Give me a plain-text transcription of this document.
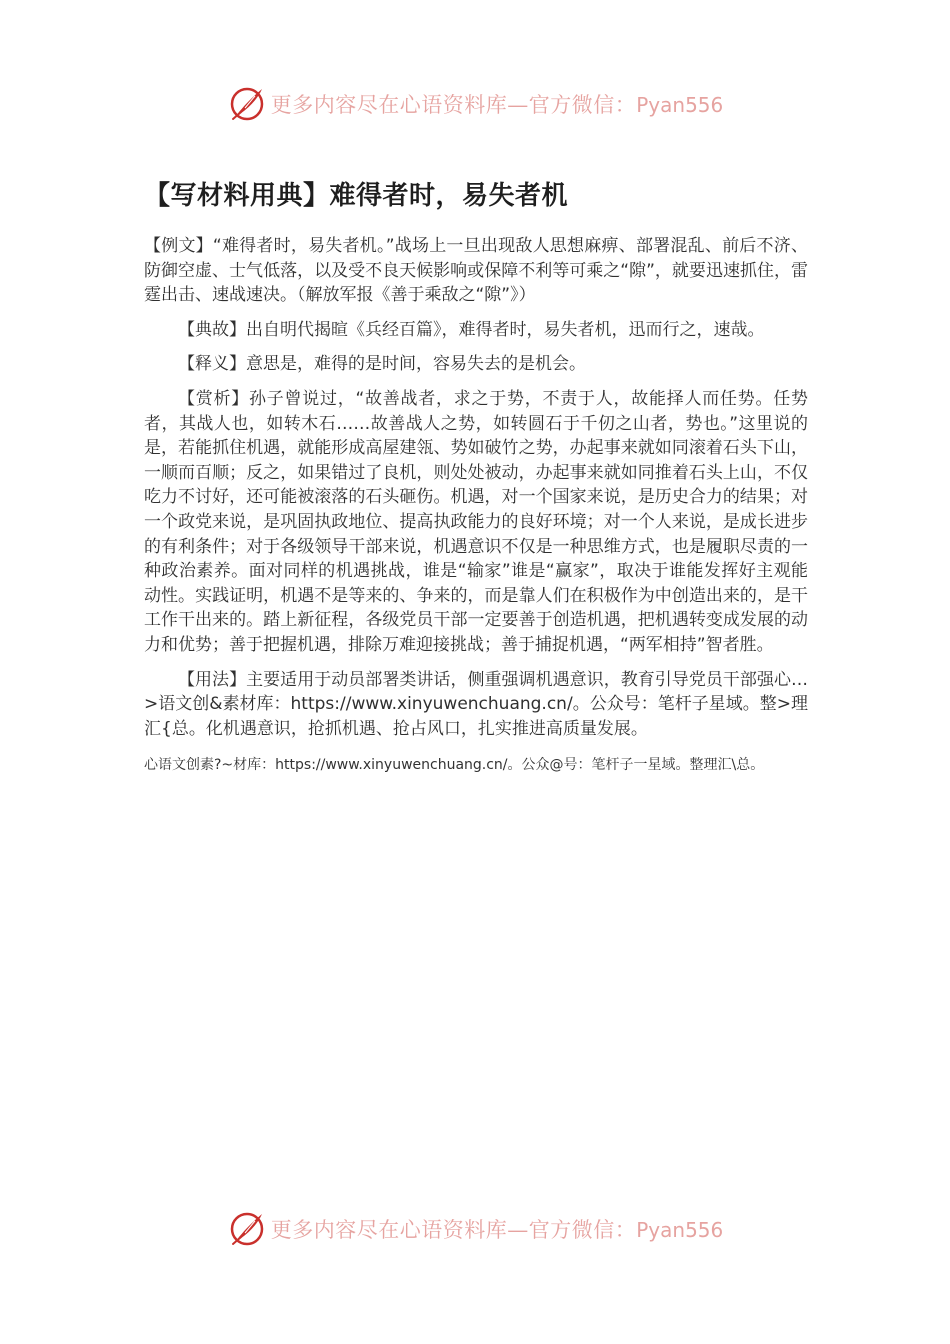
更多内容尽在心语资料库—官方微信：Pyan556
【写材料用典】难得者时，易失者机

【例文】“难得者时，易失者机。”战场上一旦出现敌人思想麻痹、部署混乱、前后不济、防御空虚、士气低落，以及受不良天候影响或保障不利等可乘之“隙”，就要迅速抓住，雷霆出击、速战速决。（解放军报《善于乘敌之“隙”》）

【典故】出自明代揭暄《兵经百篇》，难得者时，易失者机，迅而行之，速哉。

【释义】意思是，难得的是时间，容易失去的是机会。

【赏析】孙子曾说过，“故善战者，求之于势，不责于人，故能择人而任势。任势者，其战人也，如转木石……故善战人之势，如转圆石于千仞之山者，势也。”这里说的是，若能抓住机遇，就能形成高屋建瓴、势如破竹之势，办起事来就如同滚着石头下山，一顺而百顺；反之，如果错过了良机，则处处被动，办起事来就如同推着石头上山，不仅吃力不讨好，还可能被滚落的石头砸伤。机遇，对一个国家来说，是历史合力的结果；对一个政党来说，是巩固执政地位、提高执政能力的良好环境；对一个人来说，是成长进步的有利条件；对于各级领导干部来说，机遇意识不仅是一种思维方式，也是履职尽责的一种政治素养。面对同样的机遇挑战，谁是“输家”谁是“赢家”，取决于谁能发挥好主观能动性。实践证明，机遇不是等来的、争来的，而是靠人们在积极作为中创造出来的，是干工作干出来的。踏上新征程，各级党员干部一定要善于创造机遇，把机遇转变成发展的动力和优势；善于把握机遇，排除万难迎接挑战；善于捕捉机遇，“两军相持”智者胜。

【用法】主要适用于动员部署类讲话，侧重强调机遇意识，教育引导党员干部强心…>语文创&素材库：https://www.xinyuwenchuang.cn/。公众号：笔杆子星域。整>理汇{总。化机遇意识，抢抓机遇、抢占风口，扎实推进高质量发展。

心语文创素?~材库：https://www.xinyuwenchuang.cn/。公众@号：笔杆子一星域。整理汇\总。

更多内容尽在心语资料库—官方微信：Pyan556
